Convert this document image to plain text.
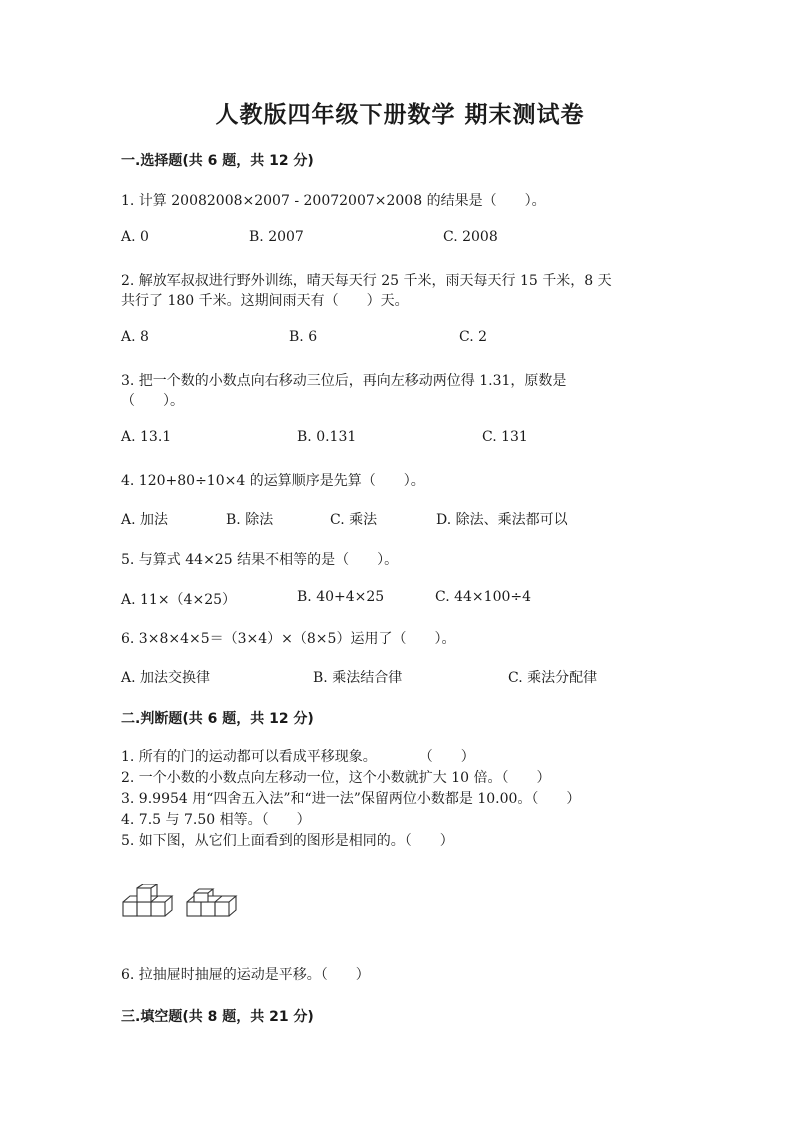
人教版四年级下册数学 期末测试卷
一.选择题(共 6 题，共 12 分)
1. 计算 20082008×2007 - 20072007×2008 的结果是（　　）。
A. 0	B. 2007	C. 2008
2. 解放军叔叔进行野外训练，晴天每天行 25 千米，雨天每天行 15 千米，8 天
共行了 180 千米。这期间雨天有（　　）天。
A. 8	B. 6	C. 2
3. 把一个数的小数点向右移动三位后，再向左移动两位得 1.31，原数是
（　　）。
A. 13.1	B. 0.131	C. 131
4. 120+80÷10×4 的运算顺序是先算（　　）。
A. 加法	B. 除法	C. 乘法	D. 除法、乘法都可以
5. 与算式 44×25 结果不相等的是（　　）。
A. 11×（4×25）	B. 40+4×25	C. 44×100÷4
6. 3×8×4×5＝（3×4）×（8×5）运用了（　　）。
A. 加法交换律	B. 乘法结合律	C. 乘法分配律
二.判断题(共 6 题，共 12 分)
1. 所有的门的运动都可以看成平移现象。　　　　（　　）
2. 一个小数的小数点向左移动一位，这个小数就扩大 10 倍。（　　）
3. 9.9954 用“四舍五入法”和“进一法”保留两位小数都是 10.00。（　　）
4. 7.5 与 7.50 相等。（　　）
5. 如下图，从它们上面看到的图形是相同的。（　　）
6. 拉抽屉时抽屉的运动是平移。（　　）
三.填空题(共 8 题，共 21 分)
